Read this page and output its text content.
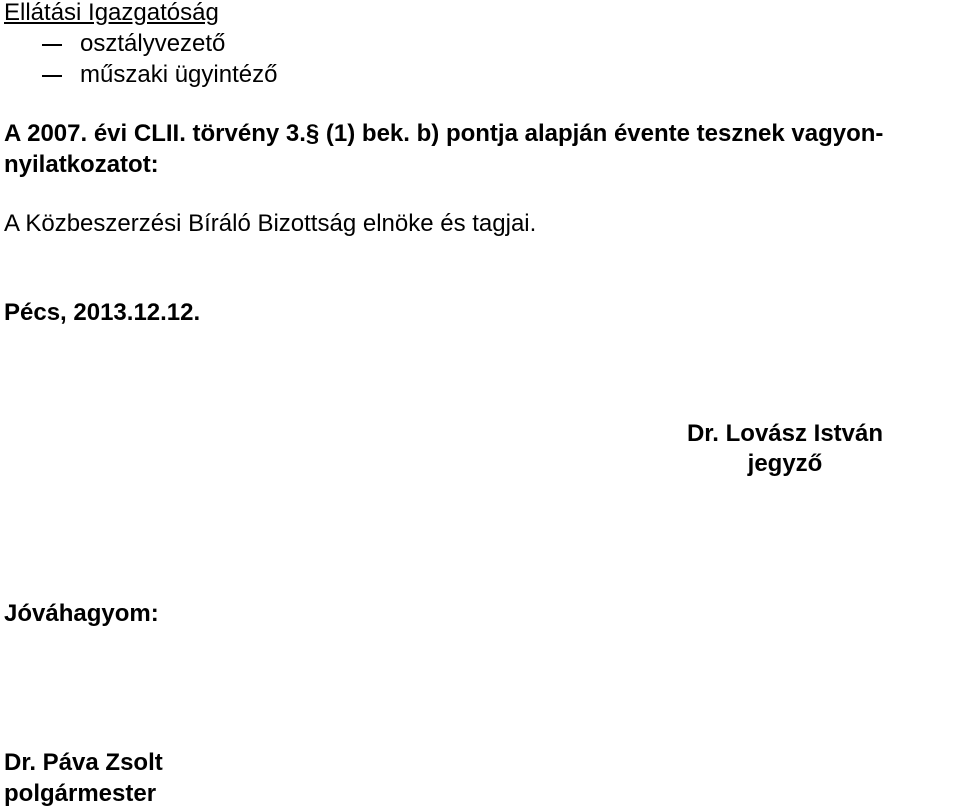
Ellátási Igazgatóság
osztályvezető
műszaki ügyintéző
A 2007. évi CLII. törvény 3.§ (1) bek. b) pontja alapján évente tesznek vagyon-
nyilatkozatot:
A Közbeszerzési Bíráló Bizottság elnöke és tagjai.
Pécs, 2013.12.12.
Dr. Lovász István
jegyző
Jóváhagyom:
Dr. Páva Zsolt
polgármester
